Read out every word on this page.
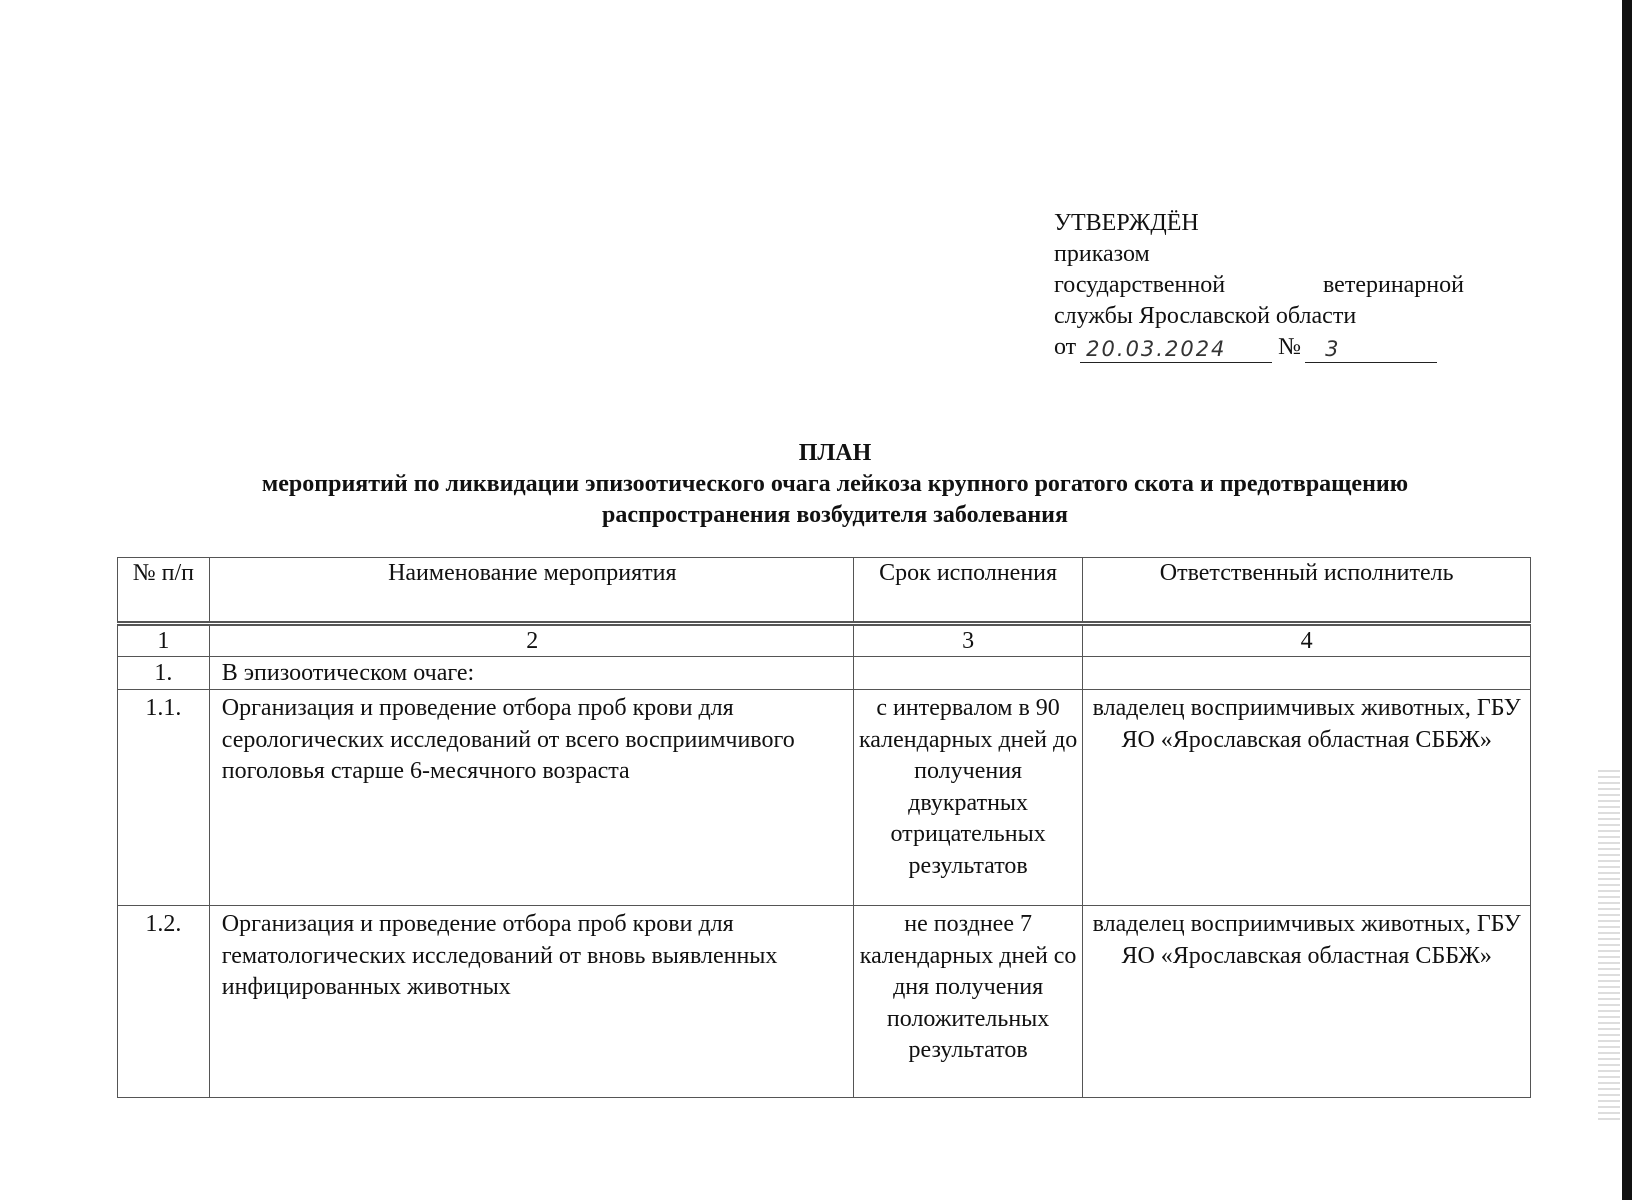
УТВЕРЖДЁН
приказом
государственной	ветеринарной
службы Ярославской области
от 20.03.2024	№	3
ПЛАН
мероприятий по ликвидации эпизоотического очага лейкоза крупного рогатого скота и предотвращению
распространения возбудителя заболевания
№ п/п	Наименование мероприятия	Срок исполнения	Ответственный исполнитель
1	2	3	4
1.	В эпизоотическом очаге:		
1.1.	Организация и проведение отбора проб крови для серологических исследований от всего восприимчивого поголовья старше 6-месячного возраста	с интервалом в 90 календарных дней до получения двукратных отрицательных результатов	владелец восприимчивых животных, ГБУ ЯО «Ярославская областная СББЖ»
1.2.	Организация и проведение отбора проб крови для гематологических исследований от вновь выявленных инфицированных животных	не позднее 7 календарных дней со дня получения положительных результатов	владелец восприимчивых животных, ГБУ ЯО «Ярославская областная СББЖ»
